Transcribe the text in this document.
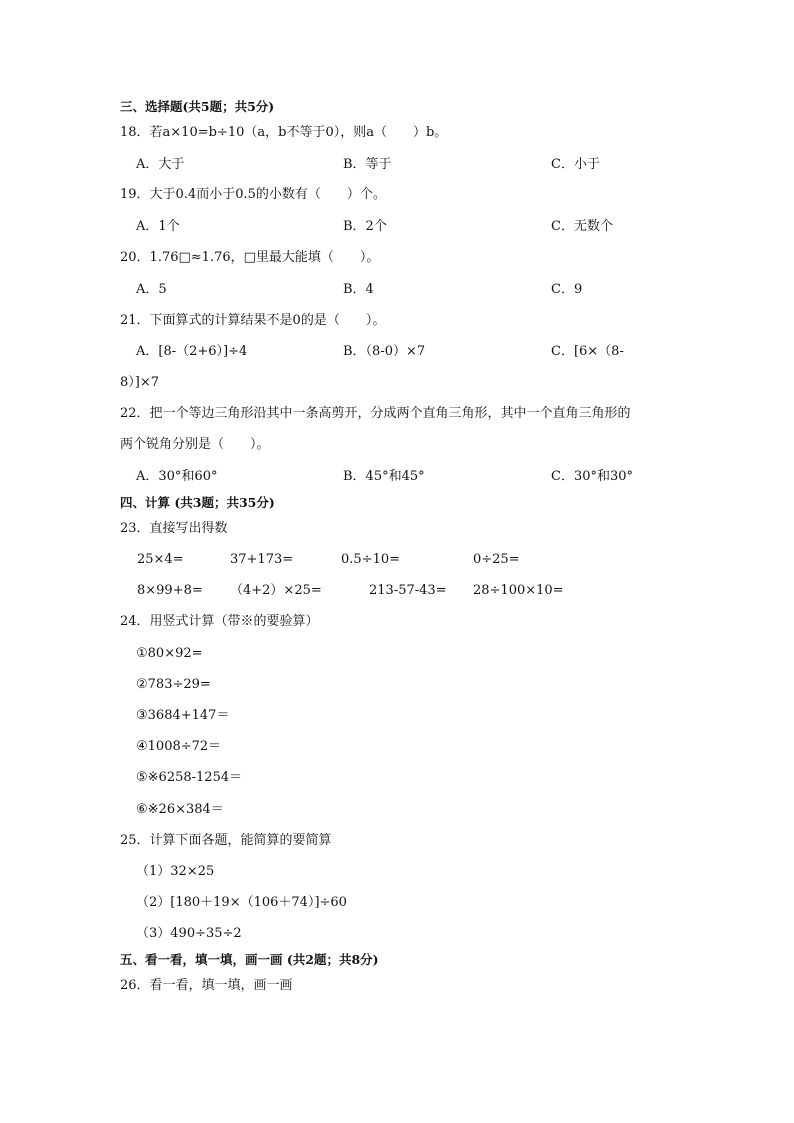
三、选择题(共5题；共5分)
18．若a×10=b÷10（a，b不等于0），则a（　　）b。
A．大于	B．等于	C．小于
19．大于0.4而小于0.5的小数有（　　）个。
A．1个	B．2个	C．无数个
20．1.76□≈1.76，□里最大能填（　　）。
A．5	B．4	C．9
21．下面算式的计算结果不是0的是（　　）。
A．[8-（2+6）]÷4	B．（8-0）×7	C．[6×（8-
8）]×7
22．把一个等边三角形沿其中一条高剪开，分成两个直角三角形，其中一个直角三角形的
两个锐角分别是（　　）。
A．30°和60°	B．45°和45°	C．30°和30°
四、计算 (共3题；共35分)
23．直接写出得数
25×4=	37+173=	0.5÷10=	0÷25=
8×99+8= （4+2）×25=	213-57-43= 28÷100×10=
24．用竖式计算（带※的要验算）
①80×92=
②783÷29=
③3684+147＝
④1008÷72＝
⑤※6258-1254＝
⑥※26×384＝
25．计算下面各题，能简算的要简算
（1）32×25
（2）[180＋19×（106＋74）]÷60
（3）490÷35÷2
五、看一看，填一填，画一画 (共2题；共8分)
26．看一看，填一填，画一画
